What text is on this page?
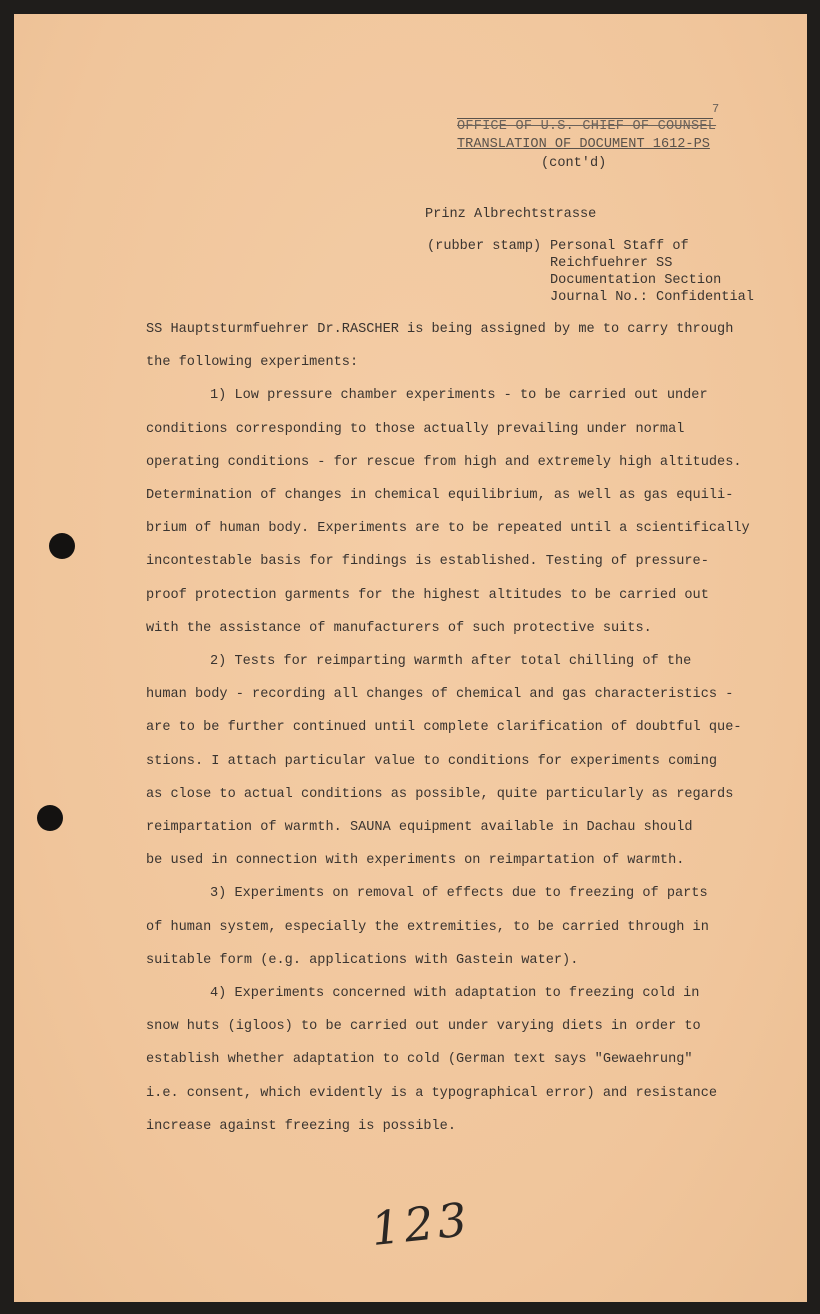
7
OFFICE OF U.S. CHIEF OF COUNSEL
TRANSLATION OF DOCUMENT 1612-PS
(cont'd)
Prinz Albrechtstrasse
(rubber stamp) Personal Staff of
Reichfuehrer SS
Documentation Section
Journal No.: Confidential
SS Hauptsturmfuehrer Dr.RASCHER is being assigned by me to carry through
the following experiments:
1) Low pressure chamber experiments - to be carried out under
conditions corresponding to those actually prevailing under normal
operating conditions - for rescue from high and extremely high altitudes.
Determination of changes in chemical equilibrium, as well as gas equili-
brium of human body. Experiments are to be repeated until a scientifically
incontestable basis for findings is established. Testing of pressure-
proof protection garments for the highest altitudes to be carried out
with the assistance of manufacturers of such protective suits.
2) Tests for reimparting warmth after total chilling of the
human body - recording all changes of chemical and gas characteristics -
are to be further continued until complete clarification of doubtful que-
stions. I attach particular value to conditions for experiments coming
as close to actual conditions as possible, quite particularly as regards
reimpartation of warmth. SAUNA equipment available in Dachau should
be used in connection with experiments on reimpartation of warmth.
3) Experiments on removal of effects due to freezing of parts
of human system, especially the extremities, to be carried through in
suitable form (e.g. applications with Gastein water).
4) Experiments concerned with adaptation to freezing cold in
snow huts (igloos) to be carried out under varying diets in order to
establish whether adaptation to cold (German text says "Gewaehrung"
i.e. consent, which evidently is a typographical error) and resistance
increase against freezing is possible.
123
